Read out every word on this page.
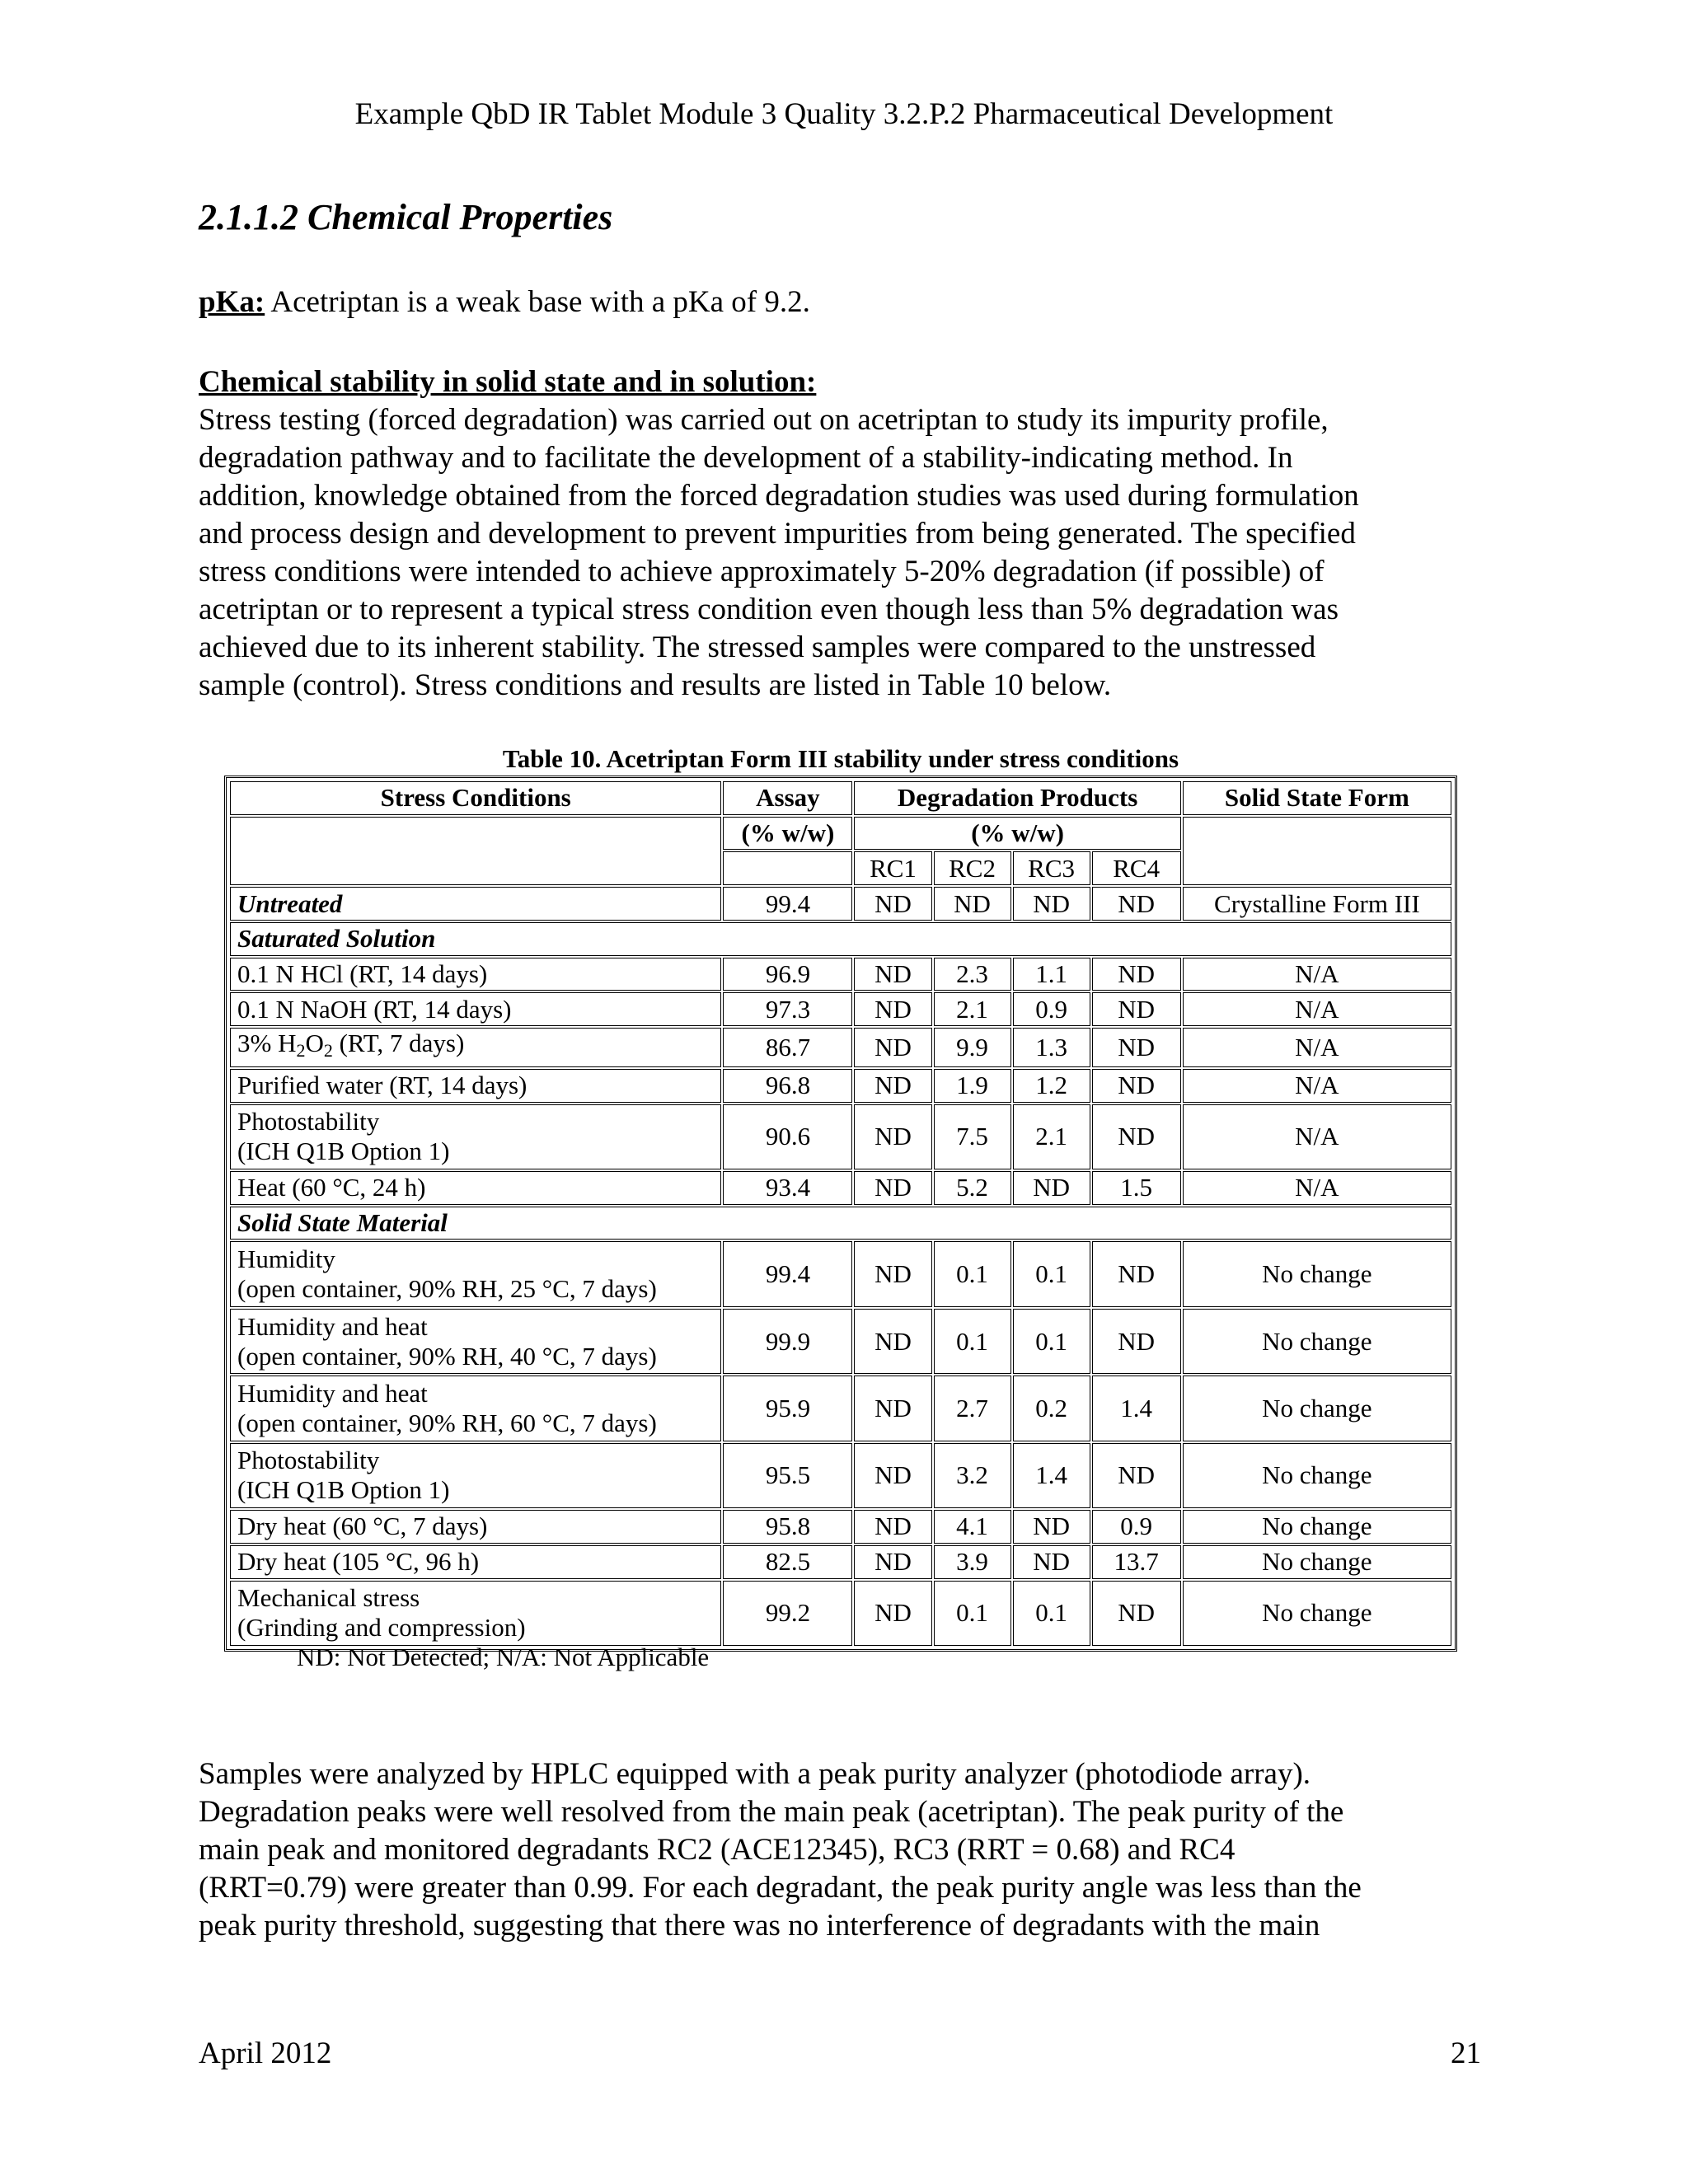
Example QbD IR Tablet Module 3 Quality 3.2.P.2 Pharmaceutical Development
2.1.1.2 Chemical Properties
pKa: Acetriptan is a weak base with a pKa of 9.2.
Chemical stability in solid state and in solution:
Stress testing (forced degradation) was carried out on acetriptan to study its impurity profile,
degradation pathway and to facilitate the development of a stability-indicating method. In
addition, knowledge obtained from the forced degradation studies was used during formulation
and process design and development to prevent impurities from being generated. The specified
stress conditions were intended to achieve approximately 5-20% degradation (if possible) of
acetriptan or to represent a typical stress condition even though less than 5% degradation was
achieved due to its inherent stability. The stressed samples were compared to the unstressed
sample (control). Stress conditions and results are listed in Table 10 below.
Table 10. Acetriptan Form III stability under stress conditions
Stress Conditions	Assay	Degradation Products				Solid State Form
	(% w/w)	(% w/w)				
		RC1	RC2	RC3	RC4	
Untreated	99.4	ND	ND	ND	ND	Crystalline Form III
Saturated Solution						
0.1 N HCl (RT, 14 days)	96.9	ND	2.3	1.1	ND	N/A
0.1 N NaOH (RT, 14 days)	97.3	ND	2.1	0.9	ND	N/A
3% $H_2O_2$ (RT, 7 days)	86.7	ND	9.9	1.3	ND	N/A
Purified water (RT, 14 days)	96.8	ND	1.9	1.2	ND	N/A

Photostability
(ICH Q1B Option 1)	90.6	ND	7.5	2.1	ND	N/A
Heat (60 °C, 24 h)	93.4	ND	5.2	ND	1.5	N/A
Solid State Material						

Humidity
(open container, 90% RH, 25 °C, 7 days)	99.4	ND	0.1	0.1	ND	No change

Humidity and heat
(open container, 90% RH, 40 °C, 7 days)	99.9	ND	0.1	0.1	ND	No change

Humidity and heat
(open container, 90% RH, 60 °C, 7 days)	95.9	ND	2.7	0.2	1.4	No change

Photostability
(ICH Q1B Option 1)	95.5	ND	3.2	1.4	ND	No change
Dry heat (60 °C, 7 days)	95.8	ND	4.1	ND	0.9	No change
Dry heat (105 °C, 96 h)	82.5	ND	3.9	ND	13.7	No change

Mechanical stress
(Grinding and compression)	99.2	ND	0.1	0.1	ND	No change
ND: Not Detected; N/A: Not Applicable
Samples were analyzed by HPLC equipped with a peak purity analyzer (photodiode array).
Degradation peaks were well resolved from the main peak (acetriptan). The peak purity of the
main peak and monitored degradants RC2 (ACE12345), RC3 (RRT = 0.68) and RC4
(RRT=0.79) were greater than 0.99. For each degradant, the peak purity angle was less than the
peak purity threshold, suggesting that there was no interference of degradants with the main
April 2012	21
